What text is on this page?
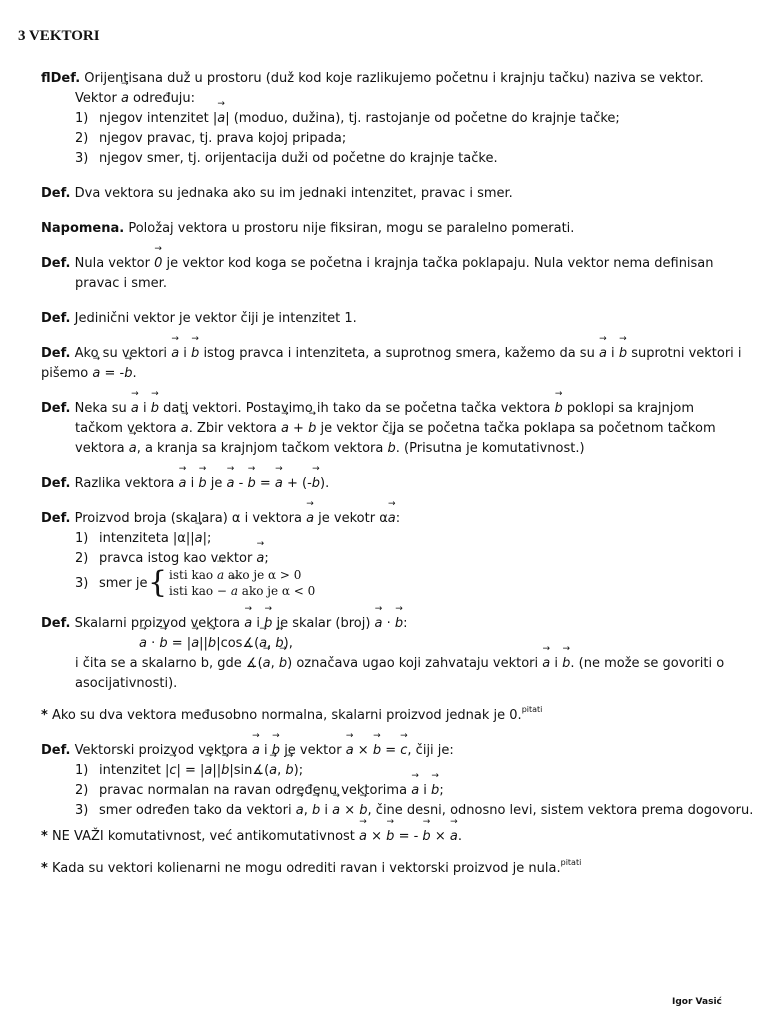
3 VEKTORI
flDef. Orijentisana duž u prostoru (duž kod koje razlikujemo početnu i krajnju tačku) naziva se vektor.
Vektor → a određuju:
1) njegov intenzitet |→ a| (moduo, dužina), tj. rastojanje od početne do krajnje tačke;
2) njegov pravac, tj. prava kojoj pripada;
3) njegov smer, tj. orijentacija duži od početne do krajnje tačke.
Def. Dva vektora su jednaka ako su im jednaki intenzitet, pravac i smer.
Napomena. Položaj vektora u prostoru nije fiksiran, mogu se paralelno pomerati.
Def. Nula vektor → 0 je vektor kod koga se početna i krajnja tačka poklapaju. Nula vektor nema definisan
pravac i smer.
Def. Jedinični vektor je vektor čiji je intenzitet 1.
Def. Ako su vektori → a i → b istog pravca i intenziteta, a suprotnog smera, kažemo da su → a i → b suprotni vektori i
pišemo → a = -→ b.
Def. Neka su → a i → b dati vektori. Postavimo ih tako da se početna tačka vektora → b poklopi sa krajnjom
tačkom vektora → a. Zbir vektora → a + → b je vektor čija se početna tačka poklapa sa početnom tačkom
vektora → a, a kranja sa krajnjom tačkom vektora → b. (Prisutna je komutativnost.)
Def. Razlika vektora → a i → b je → a - → b = → a + (-→ b).
Def. Proizvod broja (skalara) α i vektora → a je vekotr α→ a:
1) intenziteta |α||→ a|;
2) pravca istog kao vektor → a;
3) smer je { isti kao → a ako je α > 0
isti kao − → a ako je α < 0
Def. Skalarni proizvod vektora → a i → b je skalar (broj) → a · → b:
→ a · → b = |→ a||→ b|cos∡(→ a, → b),
i čita se a skalarno b, gde ∡(→ a, → b) označava ugao koji zahvataju vektori → a i → b. (ne može se govoriti o
asocijativnosti).
* Ako su dva vektora međusobno normalna, skalarni proizvod jednak je 0.$^{pitati}$
Def. Vektorski proizvod vektora → a i → b je vektor → a × → b = → c, čiji je:
1) intenzitet |→ c| = |→ a||→ b|sin∡(→ a, → b);
2) pravac normalan na ravan određenu vektorima → a i → b;
3) smer određen tako da vektori → a, → b i → a × → b, čine desni, odnosno levi, sistem vektora prema dogovoru.
* NE VAŽI komutativnost, već antikomutativnost → a × → b = - → b × → a.
* Kada su vektori kolienarni ne mogu odrediti ravan i vektorski proizvod je nula.$^{pitati}$
Igor Vasić
